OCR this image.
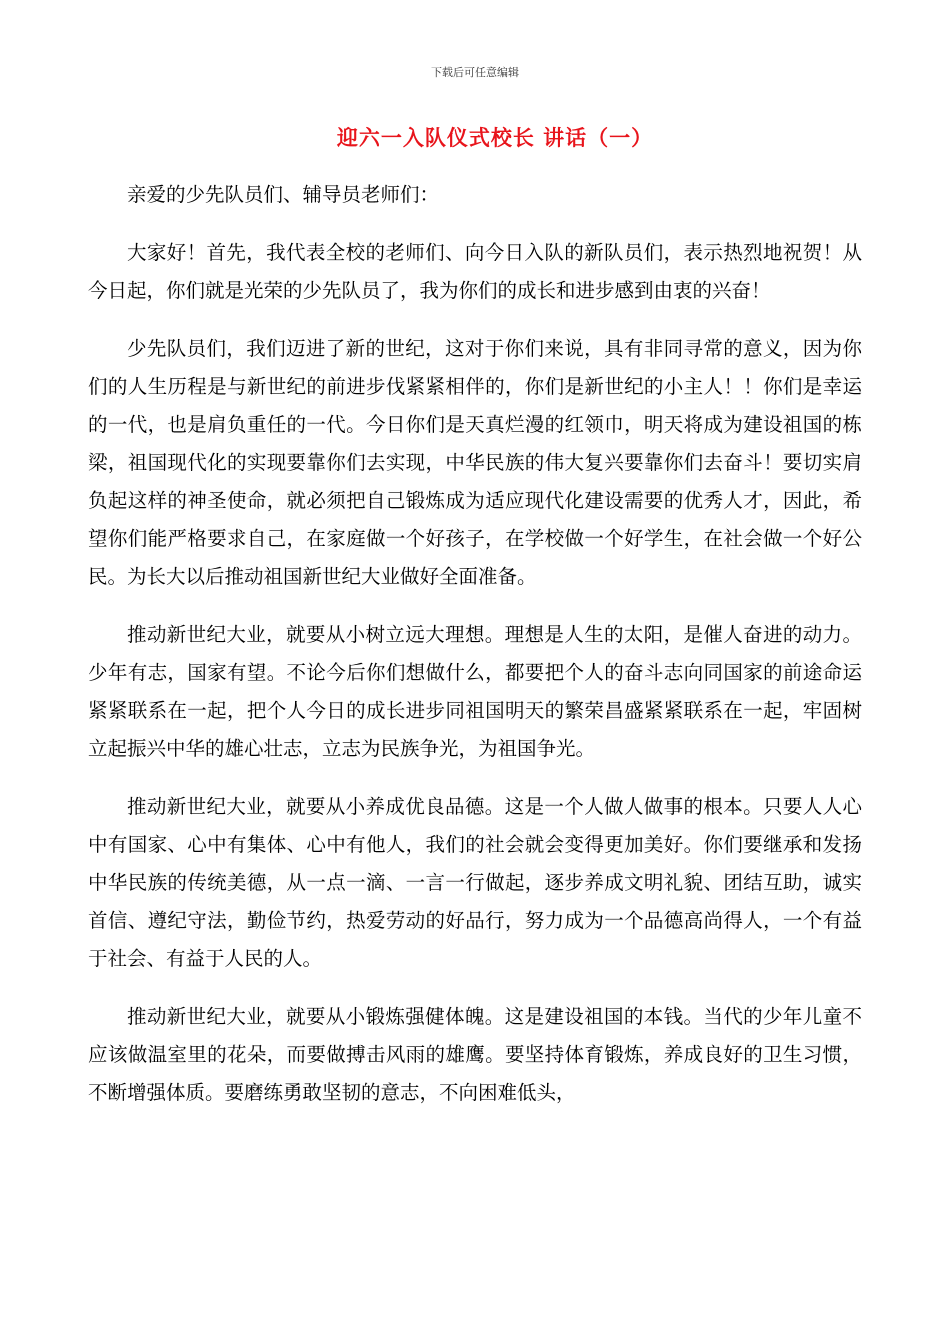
下载后可任意编辑
迎六一入队仪式校长 讲话（一）

亲爱的少先队员们、辅导员老师们：

大家好！首先，我代表全校的老师们、向今日入队的新队员们，表示热烈地祝贺！从今日起，你们就是光荣的少先队员了，我为你们的成长和进步感到由衷的兴奋！

少先队员们，我们迈进了新的世纪，这对于你们来说，具有非同寻常的意义，因为你们的人生历程是与新世纪的前进步伐紧紧相伴的，你们是新世纪的小主人！！你们是幸运的一代，也是肩负重任的一代。今日你们是天真烂漫的红领巾，明天将成为建设祖国的栋梁，祖国现代化的实现要靠你们去实现，中华民族的伟大复兴要靠你们去奋斗！要切实肩负起这样的神圣使命，就必须把自己锻炼成为适应现代化建设需要的优秀人才，因此，希望你们能严格要求自己，在家庭做一个好孩子，在学校做一个好学生，在社会做一个好公民。为长大以后推动祖国新世纪大业做好全面准备。

推动新世纪大业，就要从小树立远大理想。理想是人生的太阳，是催人奋进的动力。少年有志，国家有望。不论今后你们想做什么，都要把个人的奋斗志向同国家的前途命运紧紧联系在一起，把个人今日的成长进步同祖国明天的繁荣昌盛紧紧联系在一起，牢固树立起振兴中华的雄心壮志，立志为民族争光，为祖国争光。

推动新世纪大业，就要从小养成优良品德。这是一个人做人做事的根本。只要人人心中有国家、心中有集体、心中有他人，我们的社会就会变得更加美好。你们要继承和发扬中华民族的传统美德，从一点一滴、一言一行做起，逐步养成文明礼貌、团结互助，诚实首信、遵纪守法，勤俭节约，热爱劳动的好品行，努力成为一个品德高尚得人，一个有益于社会、有益于人民的人。

推动新世纪大业，就要从小锻炼强健体魄。这是建设祖国的本钱。当代的少年儿童不应该做温室里的花朵，而要做搏击风雨的雄鹰。要坚持体育锻炼，养成良好的卫生习惯，不断增强体质。要磨练勇敢坚韧的意志，不向困难低头，
